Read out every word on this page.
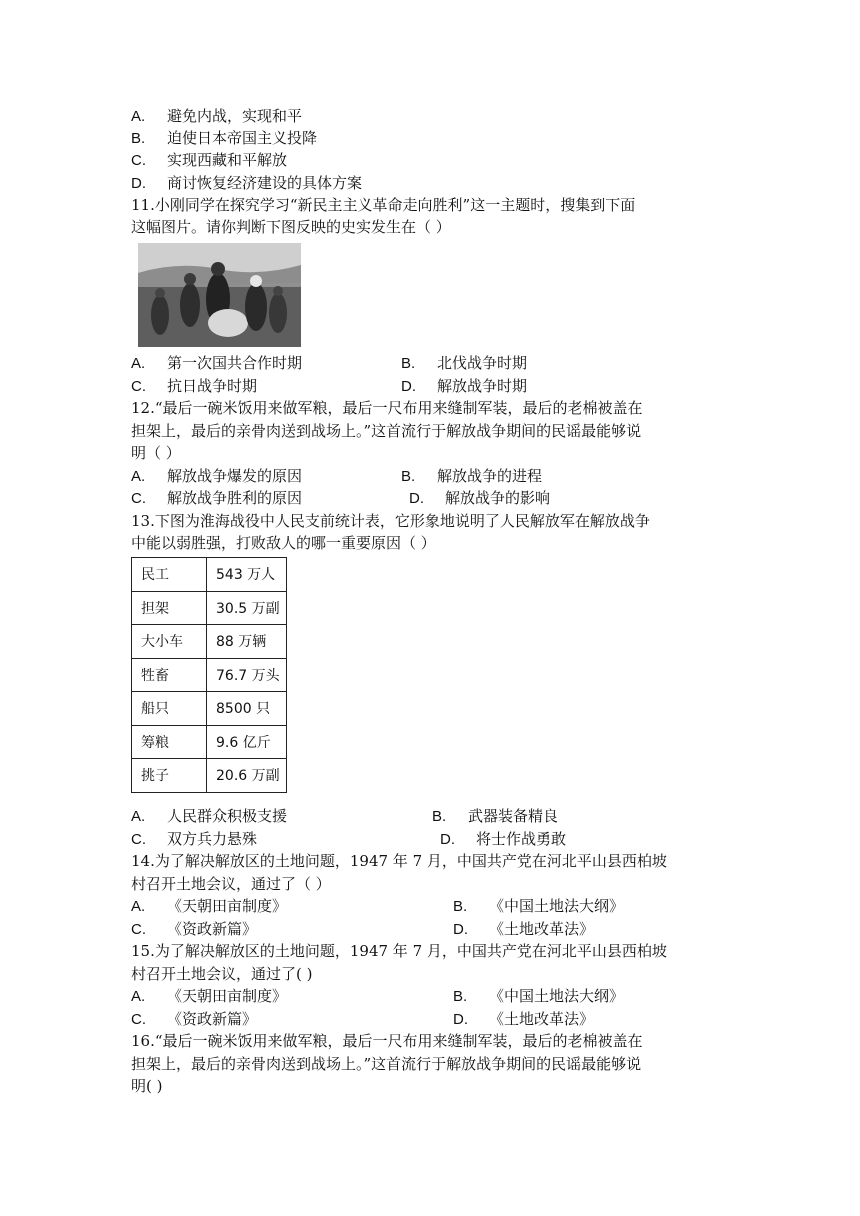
A. 避免内战，实现和平
B. 迫使日本帝国主义投降
C. 实现西藏和平解放
D. 商讨恢复经济建设的具体方案
11.小刚同学在探究学习“新民主主义革命走向胜利”这一主题时，搜集到下面
这幅图片。请你判断下图反映的史实发生在（ ）
A. 第一次国共合作时期	B. 北伐战争时期
C. 抗日战争时期	D. 解放战争时期
12.“最后一碗米饭用来做军粮，最后一尺布用来缝制军装，最后的老棉被盖在
担架上，最后的亲骨肉送到战场上。”这首流行于解放战争期间的民谣最能够说
明（ ）
A. 解放战争爆发的原因	B. 解放战争的进程
C. 解放战争胜利的原因	D. 解放战争的影响
13.下图为淮海战役中人民支前统计表，它形象地说明了人民解放军在解放战争
中能以弱胜强，打败敌人的哪一重要原因（ ）
民工	543 万人
担架	30.5 万副
大小车	88 万辆
牲畜	76.7 万头
船只	8500 只
筹粮	9.6 亿斤
挑子	20.6 万副
A. 人民群众积极支援	B. 武器装备精良
C. 双方兵力悬殊	D. 将士作战勇敢
14.为了解决解放区的土地问题，1947 年 7 月，中国共产党在河北平山县西柏坡
村召开土地会议，通过了（ ）
A. 《天朝田亩制度》	B. 《中国土地法大纲》
C. 《资政新篇》	D. 《土地改革法》
15.为了解决解放区的土地问题，1947 年 7 月，中国共产党在河北平山县西柏坡
村召开土地会议，通过了( )
A. 《天朝田亩制度》	B. 《中国土地法大纲》
C. 《资政新篇》	D. 《土地改革法》
16.“最后一碗米饭用来做军粮，最后一尺布用来缝制军装，最后的老棉被盖在
担架上，最后的亲骨肉送到战场上。”这首流行于解放战争期间的民谣最能够说
明( )
